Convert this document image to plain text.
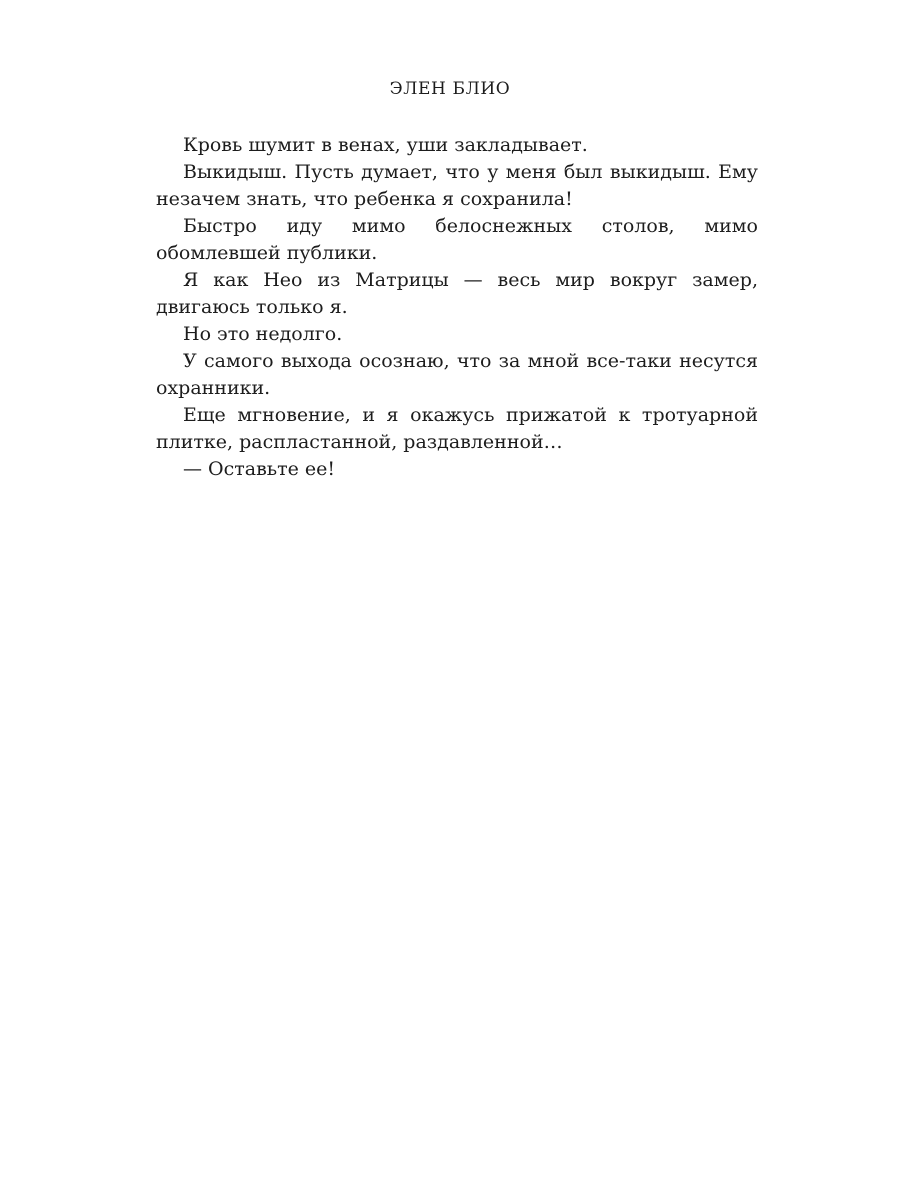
ЭЛЕН БЛИО

Кровь шумит в венах, уши закладывает.

Выкидыш. Пусть думает, что у меня был выкидыш. Ему незачем знать, что ребенка я сохранила!

Быстро иду мимо белоснежных столов, мимо обомлевшей публики.

Я как Нео из Матрицы — весь мир вокруг замер, двигаюсь только я.

Но это недолго.

У самого выхода осознаю, что за мной все-таки несутся охранники.

Еще мгновение, и я окажусь прижатой к тротуарной плитке, распластанной, раздавленной…

— Оставьте ее!
